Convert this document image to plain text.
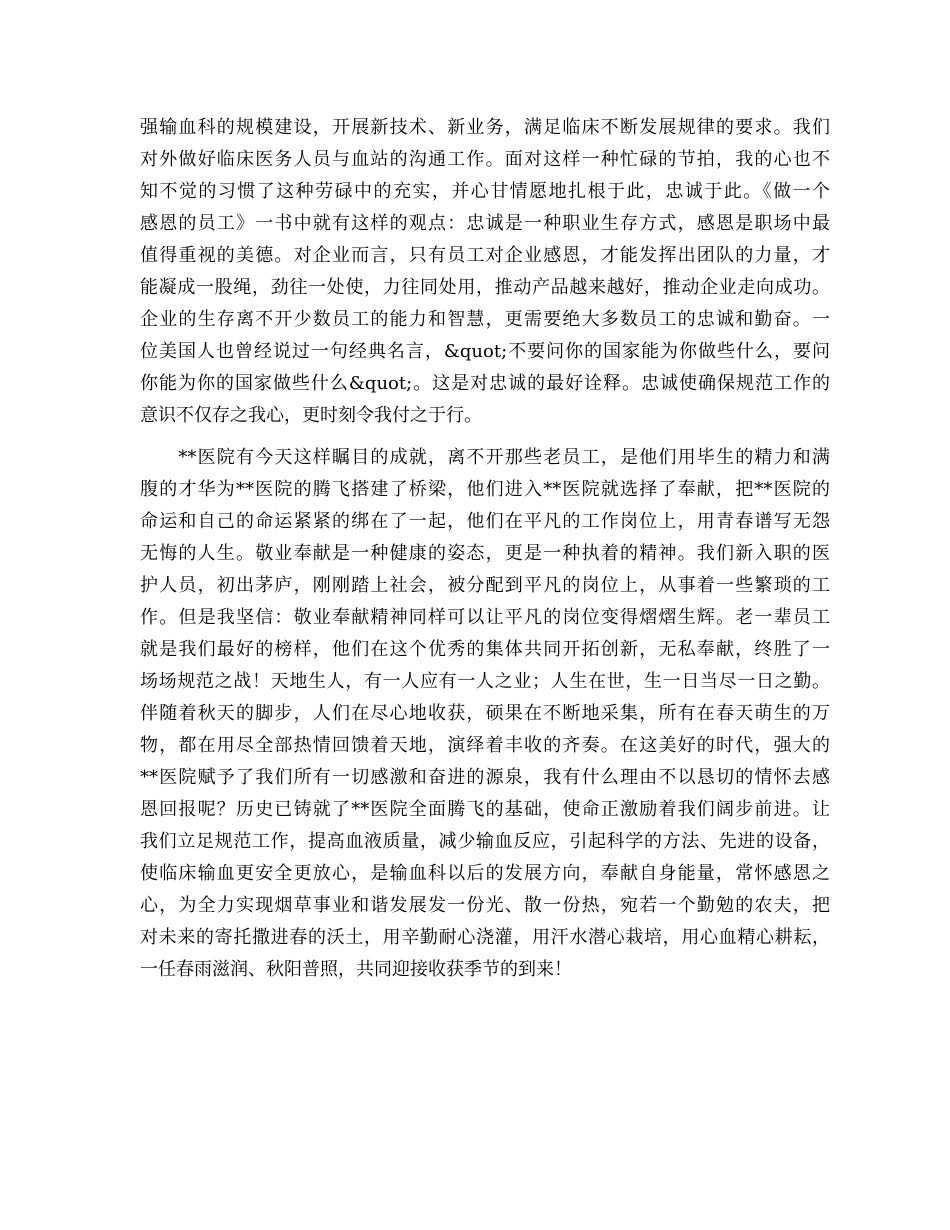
强输血科的规模建设，开展新技术、新业务，满足临床不断发展规律的要求。我们
对外做好临床医务人员与血站的沟通工作。面对这样一种忙碌的节拍，我的心也不
知不觉的习惯了这种劳碌中的充实，并心甘情愿地扎根于此，忠诚于此。《做一个
感恩的员工》一书中就有这样的观点：忠诚是一种职业生存方式，感恩是职场中最
值得重视的美德。对企业而言，只有员工对企业感恩，才能发挥出团队的力量，才
能凝成一股绳，劲往一处使，力往同处用，推动产品越来越好，推动企业走向成功。
企业的生存离不开少数员工的能力和智慧，更需要绝大多数员工的忠诚和勤奋。一
位美国人也曾经说过一句经典名言，&quot;不要问你的国家能为你做些什么，要问
你能为你的国家做些什么&quot;。这是对忠诚的最好诠释。忠诚使确保规范工作的
意识不仅存之我心，更时刻令我付之于行。
　　**医院有今天这样瞩目的成就，离不开那些老员工，是他们用毕生的精力和满
腹的才华为**医院的腾飞搭建了桥梁，他们进入**医院就选择了奉献，把**医院的
命运和自己的命运紧紧的绑在了一起，他们在平凡的工作岗位上，用青春谱写无怨
无悔的人生。敬业奉献是一种健康的姿态，更是一种执着的精神。我们新入职的医
护人员，初出茅庐，刚刚踏上社会，被分配到平凡的岗位上，从事着一些繁琐的工
作。但是我坚信：敬业奉献精神同样可以让平凡的岗位变得熠熠生辉。老一辈员工
就是我们最好的榜样，他们在这个优秀的集体共同开拓创新，无私奉献，终胜了一
场场规范之战！天地生人，有一人应有一人之业；人生在世，生一日当尽一日之勤。
伴随着秋天的脚步，人们在尽心地收获，硕果在不断地采集，所有在春天萌生的万
物，都在用尽全部热情回馈着天地，演绎着丰收的齐奏。在这美好的时代，强大的
**医院赋予了我们所有一切感激和奋进的源泉，我有什么理由不以恳切的情怀去感
恩回报呢？历史已铸就了**医院全面腾飞的基础，使命正激励着我们阔步前进。让
我们立足规范工作，提高血液质量，减少输血反应，引起科学的方法、先进的设备，
使临床输血更安全更放心，是输血科以后的发展方向，奉献自身能量，常怀感恩之
心，为全力实现烟草事业和谐发展发一份光、散一份热，宛若一个勤勉的农夫，把
对未来的寄托撒进春的沃土，用辛勤耐心浇灌，用汗水潜心栽培，用心血精心耕耘，
一任春雨滋润、秋阳普照，共同迎接收获季节的到来！
